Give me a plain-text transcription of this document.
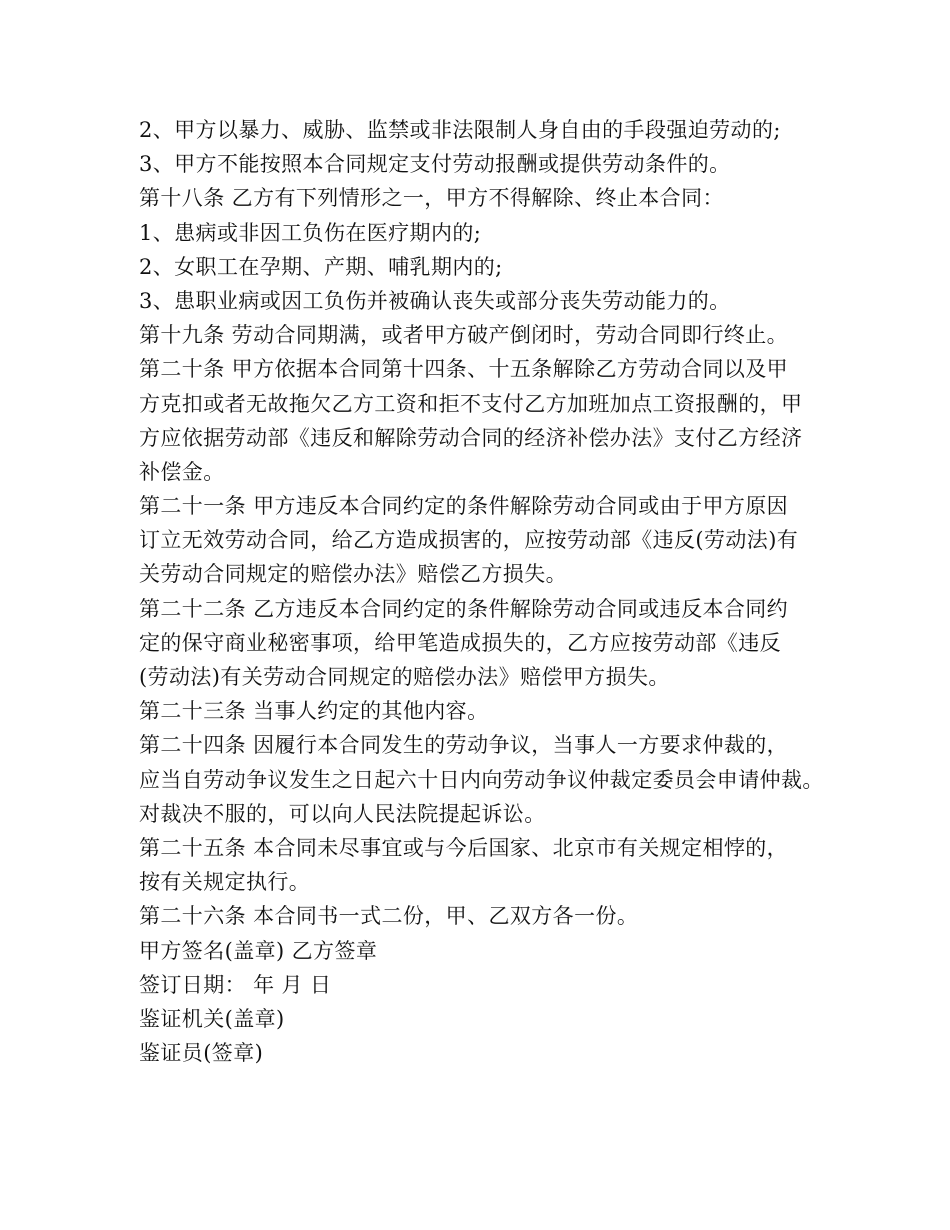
2、甲方以暴力、威胁、监禁或非法限制人身自由的手段强迫劳动的;
3、甲方不能按照本合同规定支付劳动报酬或提供劳动条件的。
第十八条 乙方有下列情形之一，甲方不得解除、终止本合同：
1、患病或非因工负伤在医疗期内的;
2、女职工在孕期、产期、哺乳期内的;
3、患职业病或因工负伤并被确认丧失或部分丧失劳动能力的。
第十九条 劳动合同期满，或者甲方破产倒闭时，劳动合同即行终止。
第二十条 甲方依据本合同第十四条、十五条解除乙方劳动合同以及甲
方克扣或者无故拖欠乙方工资和拒不支付乙方加班加点工资报酬的，甲
方应依据劳动部《违反和解除劳动合同的经济补偿办法》支付乙方经济
补偿金。
第二十一条 甲方违反本合同约定的条件解除劳动合同或由于甲方原因
订立无效劳动合同，给乙方造成损害的，应按劳动部《违反(劳动法)有
关劳动合同规定的赔偿办法》赔偿乙方损失。
第二十二条 乙方违反本合同约定的条件解除劳动合同或违反本合同约
定的保守商业秘密事项，给甲笔造成损失的，乙方应按劳动部《违反
(劳动法)有关劳动合同规定的赔偿办法》赔偿甲方损失。
第二十三条 当事人约定的其他内容。
第二十四条 因履行本合同发生的劳动争议，当事人一方要求仲裁的，
应当自劳动争议发生之日起六十日内向劳动争议仲裁定委员会申请仲裁。
对裁决不服的，可以向人民法院提起诉讼。
第二十五条 本合同未尽事宜或与今后国家、北京市有关规定相悖的，
按有关规定执行。
第二十六条 本合同书一式二份，甲、乙双方各一份。
甲方签名(盖章) 乙方签章
签订日期： 年 月 日
鉴证机关(盖章)
鉴证员(签章)
